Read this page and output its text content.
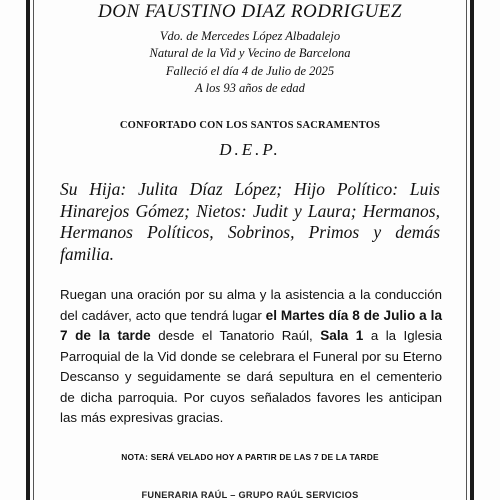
DON FAUSTINO DIAZ RODRIGUEZ
Vdo. de Mercedes López Albadalejo
Natural de la Vid y Vecino de Barcelona
Falleció el día 4 de Julio de 2025
A los 93 años de edad
CONFORTADO CON LOS SANTOS SACRAMENTOS
D.E.P.
Su Hija: Julita Díaz López; Hijo Político: Luis Hinarejos Gómez; Nietos: Judit y Laura; Hermanos, Hermanos Políticos, Sobrinos, Primos y demás familia.
Ruegan una oración por su alma y la asistencia a la conducción del cadáver, acto que tendrá lugar el Martes día 8 de Julio a la 7 de la tarde desde el Tanatorio Raúl, Sala 1 a la Iglesia Parroquial de la Vid donde se celebrara el Funeral por su Eterno Descanso y seguidamente se dará sepultura en el cementerio de dicha parroquia. Por cuyos señalados favores les anticipan las más expresivas gracias.
NOTA: SERÁ VELADO HOY A PARTIR DE LAS 7 DE LA TARDE
FUNERARIA RAÚL – GRUPO RAÚL SERVICIOS
